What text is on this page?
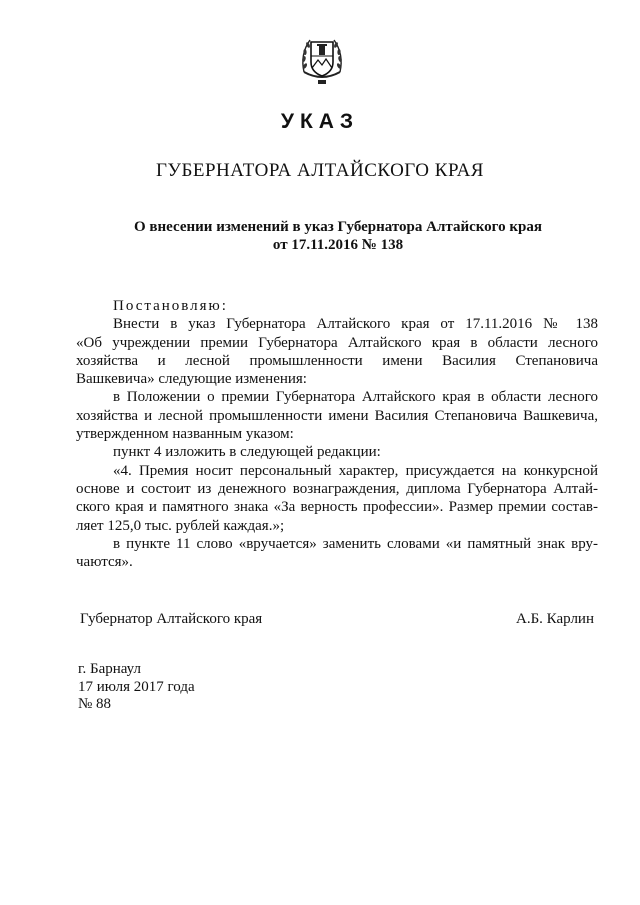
УКАЗ
ГУБЕРНАТОРА АЛТАЙСКОГО КРАЯ
О внесении изменений в указ Губернатора Алтайского края
от 17.11.2016 № 138

Постановляю:

Внести в указ Губернатора Алтайского края от 17.11.2016 № 138

«Об учреждении премии Губернатора Алтайского края в области лесного

хозяйства и лесной промышленности имени Василия Степановича

Вашкевича» следующие изменения:

в Положении о премии Губернатора Алтайского края в области лесного

хозяйства и лесной промышленности имени Василия Степановича Вашкевича,

утвержденном названным указом:

пункт 4 изложить в следующей редакции:

«4. Премия носит персональный характер, присуждается на конкурсной

основе и состоит из денежного вознаграждения, диплома Губернатора Алтай-

ского края и памятного знака «За верность профессии». Размер премии состав-

ляет 125,0 тыс. рублей каждая.»;

в пункте 11 слово «вручается» заменить словами «и памятный знак вру-

чаются».

Губернатор Алтайского края	А.Б. Карлин
г. Барнаул
17 июля 2017 года
№ 88
